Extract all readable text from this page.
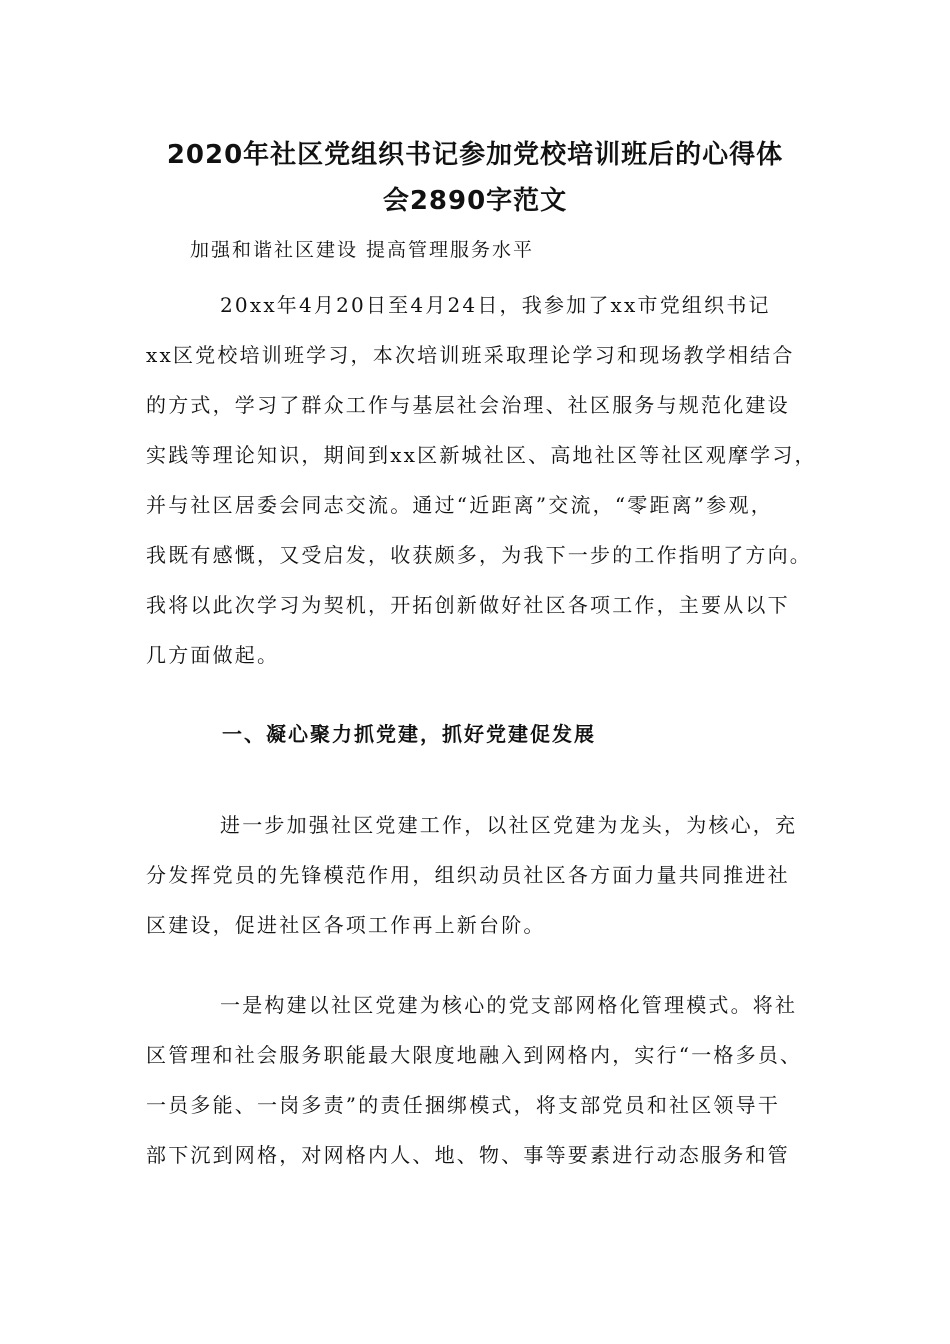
2020年社区党组织书记参加党校培训班后的心得体
会2890字范文
加强和谐社区建设 提高管理服务水平
20xx年4月20日至4月24日，我参加了xx市党组织书记
xx区党校培训班学习，本次培训班采取理论学习和现场教学相结合
的方式，学习了群众工作与基层社会治理、社区服务与规范化建设
实践等理论知识，期间到xx区新城社区、高地社区等社区观摩学习，
并与社区居委会同志交流。通过“近距离”交流，“零距离”参观，
我既有感慨，又受启发，收获颇多，为我下一步的工作指明了方向。
我将以此次学习为契机，开拓创新做好社区各项工作，主要从以下
几方面做起。
一、凝心聚力抓党建，抓好党建促发展
进一步加强社区党建工作，以社区党建为龙头，为核心，充
分发挥党员的先锋模范作用，组织动员社区各方面力量共同推进社
区建设，促进社区各项工作再上新台阶。
一是构建以社区党建为核心的党支部网格化管理模式。将社
区管理和社会服务职能最大限度地融入到网格内，实行“一格多员、
一员多能、一岗多责”的责任捆绑模式，将支部党员和社区领导干
部下沉到网格，对网格内人、地、物、事等要素进行动态服务和管
